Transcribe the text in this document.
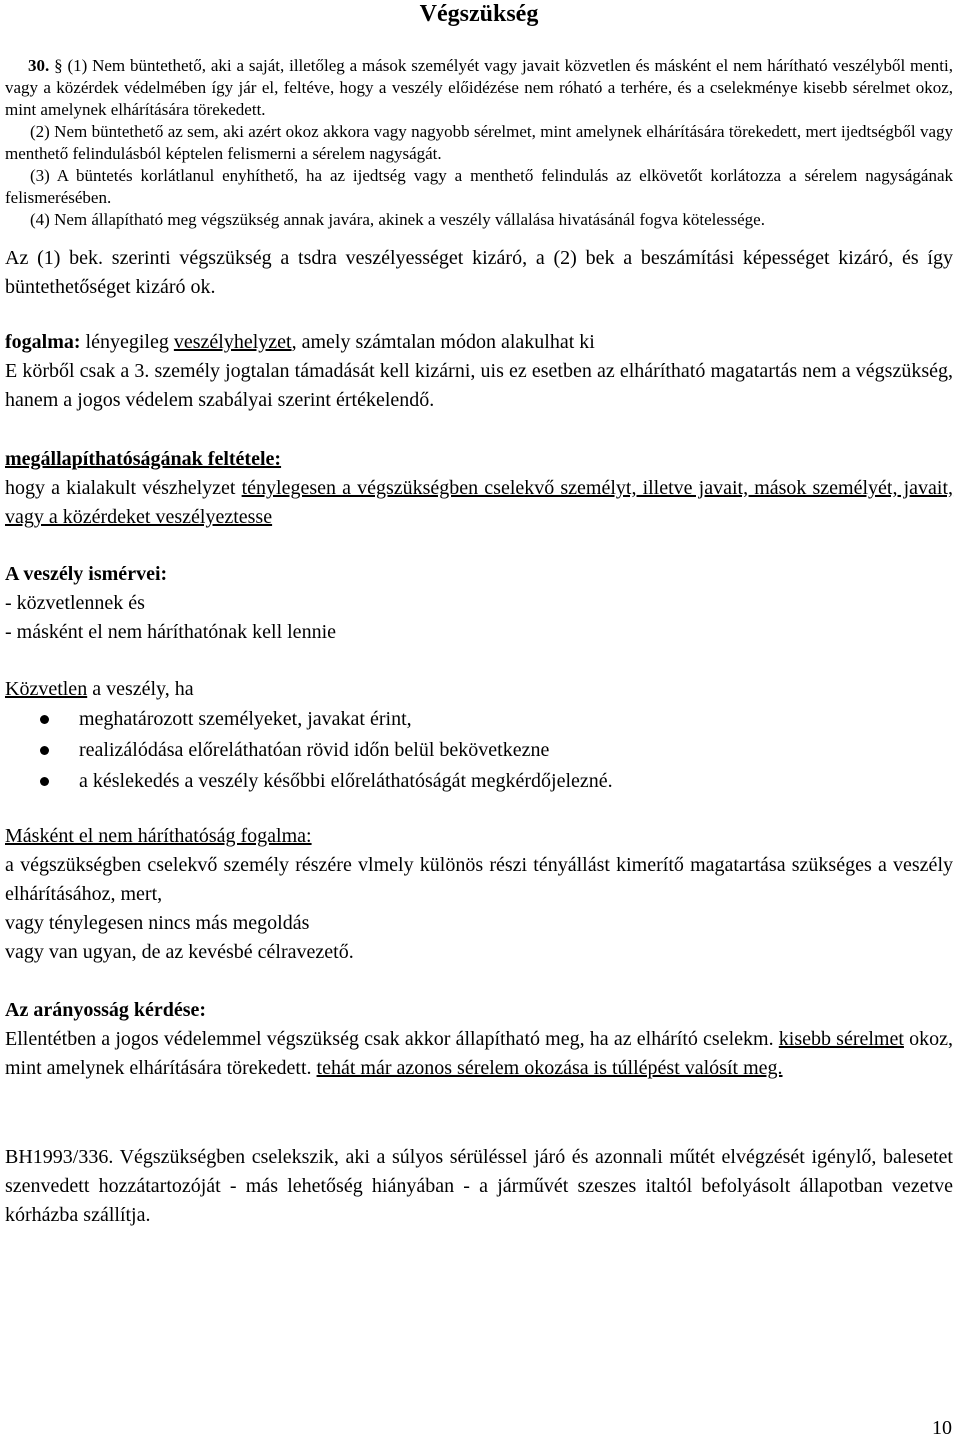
Végszükség

30. § (1) Nem büntethető, aki a saját, illetőleg a mások személyét vagy javait közvetlen és másként el nem hárítható veszélyből menti, vagy a közérdek védelmében így jár el, feltéve, hogy a veszély előidézése nem róható a terhére, és a cselekménye kisebb sérelmet okoz, mint amelynek elhárítására törekedett.

(2) Nem büntethető az sem, aki azért okoz akkora vagy nagyobb sérelmet, mint amelynek elhárítására törekedett, mert ijedtségből vagy menthető felindulásból képtelen felismerni a sérelem nagyságát.

(3) A büntetés korlátlanul enyhíthető, ha az ijedtség vagy a menthető felindulás az elkövetőt korlátozza a sérelem nagyságának felismerésében.

(4) Nem állapítható meg végszükség annak javára, akinek a veszély vállalása hivatásánál fogva kötelessége.

Az (1) bek. szerinti végszükség a tsdra veszélyességet kizáró, a (2) bek a beszámítási képességet kizáró, és így büntethetőséget kizáró ok.

fogalma: lényegileg veszélyhelyzet, amely számtalan módon alakulhat ki

E körből csak a 3. személy jogtalan támadását kell kizárni, uis ez esetben az elhárítható magatartás nem a végszükség, hanem a jogos védelem szabályai szerint értékelendő.

megállapíthatóságának feltétele:

hogy a kialakult vészhelyzet ténylegesen a végszükségben cselekvő személyt, illetve javait, mások személyét, javait, vagy a közérdeket veszélyeztesse

A veszély ismérvei:

- közvetlennek és

- másként el nem háríthatónak kell lennie

Közvetlen a veszély, ha

meghatározott személyeket, javakat érint,
realizálódása előreláthatóan rövid időn belül bekövetkezne
a késlekedés a veszély későbbi előreláthatóságát megkérdőjelezné.

Másként el nem háríthatóság fogalma:

a végszükségben cselekvő személy részére vlmely különös részi tényállást kimerítő magatartása szükséges a veszély elhárításához, mert,

vagy ténylegesen nincs más megoldás

vagy van ugyan, de az kevésbé célravezető.

Az arányosság kérdése:

Ellentétben a jogos védelemmel végszükség csak akkor állapítható meg, ha az elhárító cselekm. kisebb sérelmet okoz, mint amelynek elhárítására törekedett. tehát már azonos sérelem okozása is túllépést valósít meg.

BH1993/336. Végszükségben cselekszik, aki a súlyos sérüléssel járó és azonnali műtét elvégzését igénylő, balesetet szenvedett hozzátartozóját - más lehetőség hiányában - a járművét szeszes italtól befolyásolt állapotban vezetve kórházba szállítja.

10
